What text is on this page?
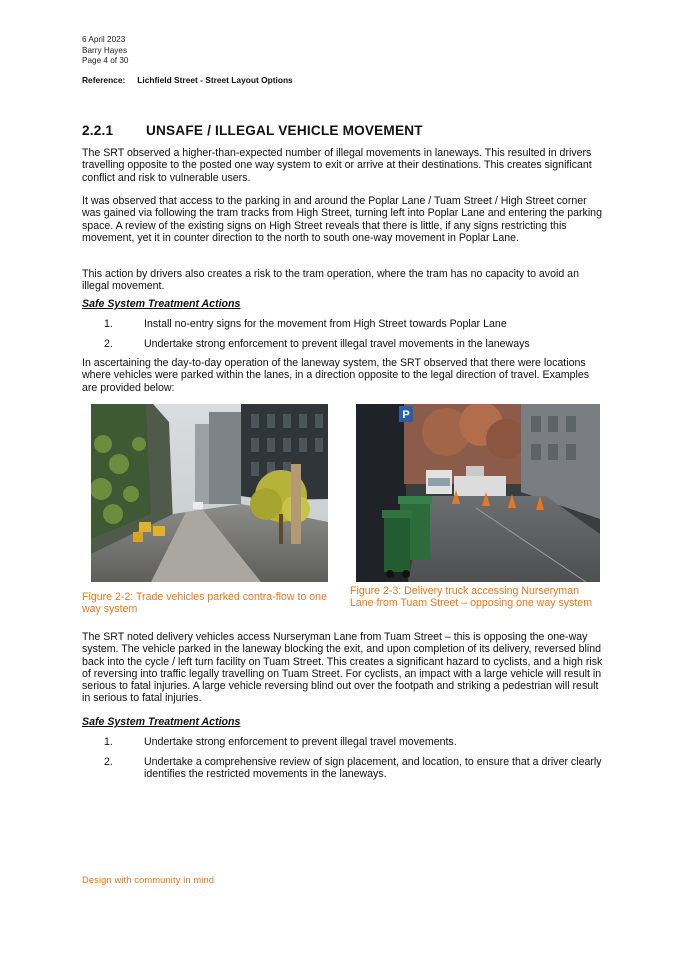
6 April 2023
Barry Hayes
Page 4 of 30
Reference: Lichfield Street - Street Layout Options
2.2.1 UNSAFE / ILLEGAL VEHICLE MOVEMENT
The SRT observed a higher-than-expected number of illegal movements in laneways. This resulted in drivers travelling opposite to the posted one way system to exit or arrive at their destinations. This creates significant conflict and risk to vulnerable users.
It was observed that access to the parking in and around the Poplar Lane / Tuam Street / High Street corner was gained via following the tram tracks from High Street, turning left into Poplar Lane and entering the parking space. A review of the existing signs on High Street reveals that there is little, if any signs restricting this movement, yet it in counter direction to the north to south one-way movement in Poplar Lane.
This action by drivers also creates a risk to the tram operation, where the tram has no capacity to avoid an illegal movement.
Safe System Treatment Actions
1.	Install no-entry signs for the movement from High Street towards Poplar Lane
2.	Undertake strong enforcement to prevent illegal travel movements in the laneways
In ascertaining the day-to-day operation of the laneway system, the SRT observed that there were locations where vehicles were parked within the lanes, in a direction opposite to the legal direction of travel. Examples are provided below:
Figure 2-2: Trade vehicles parked contra-flow to one way system
P
Figure 2-3: Delivery truck accessing Nurseryman Lane from Tuam Street – opposing one way system
The SRT noted delivery vehicles access Nurseryman Lane from Tuam Street – this is opposing the one-way system. The vehicle parked in the laneway blocking the exit, and upon completion of its delivery, reversed blind back into the cycle / left turn facility on Tuam Street. This creates a significant hazard to cyclists, and a high risk of reversing into traffic legally travelling on Tuam Street. For cyclists, an impact with a large vehicle will result in serious to fatal injuries. A large vehicle reversing blind out over the footpath and striking a pedestrian will result in serious to fatal injuries.
Safe System Treatment Actions
1.	Undertake strong enforcement to prevent illegal travel movements.
2.	Undertake a comprehensive review of sign placement, and location, to ensure that a driver clearly identifies the restricted movements in the laneways.
Design with community in mind
